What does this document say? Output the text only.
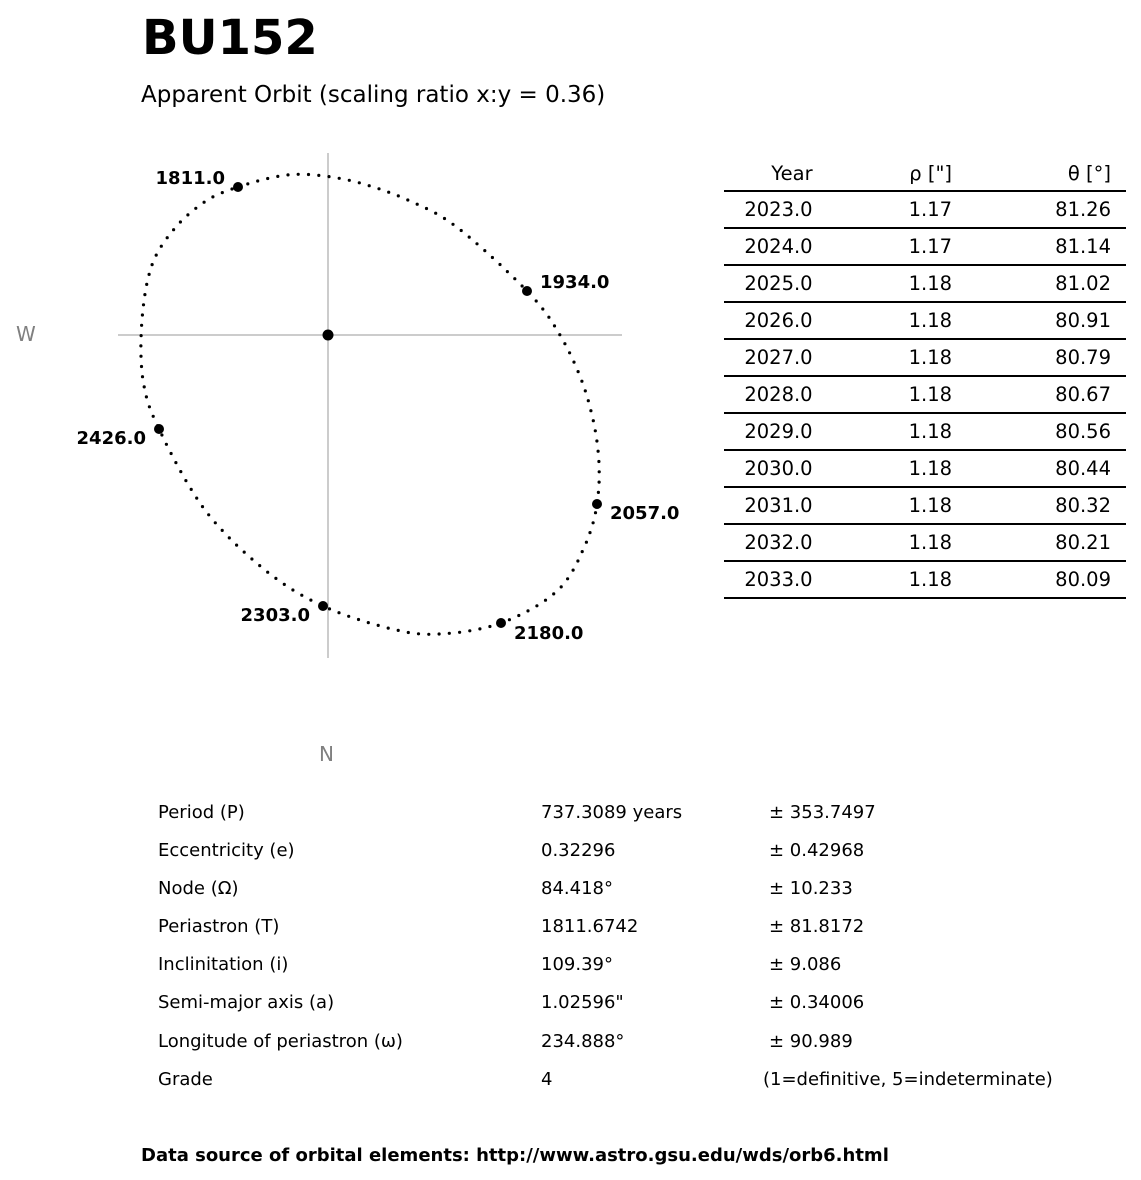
BU152
Apparent Orbit (scaling ratio x:y = 0.36)
W
N
1811.0
1934.0
2057.0
2180.0
2303.0
2426.0
Year	ρ ["]	θ [°]
2023.0	1.17	81.26
2024.0	1.17	81.14
2025.0	1.18	81.02
2026.0	1.18	80.91
2027.0	1.18	80.79
2028.0	1.18	80.67
2029.0	1.18	80.56
2030.0	1.18	80.44
2031.0	1.18	80.32
2032.0	1.18	80.21
2033.0	1.18	80.09
Period (P)	737.3089 years	± 353.7497
Eccentricity (e)	0.32296	± 0.42968
Node (Ω)	84.418°	± 10.233
Periastron (T)	1811.6742	± 81.8172
Inclinitation (i)	109.39°	± 9.086
Semi-major axis (a)	1.02596"	± 0.34006
Longitude of periastron (ω)	234.888°	± 90.989
Grade	4	(1=definitive, 5=indeterminate)
Data source of orbital elements: http://www.astro.gsu.edu/wds/orb6.html
